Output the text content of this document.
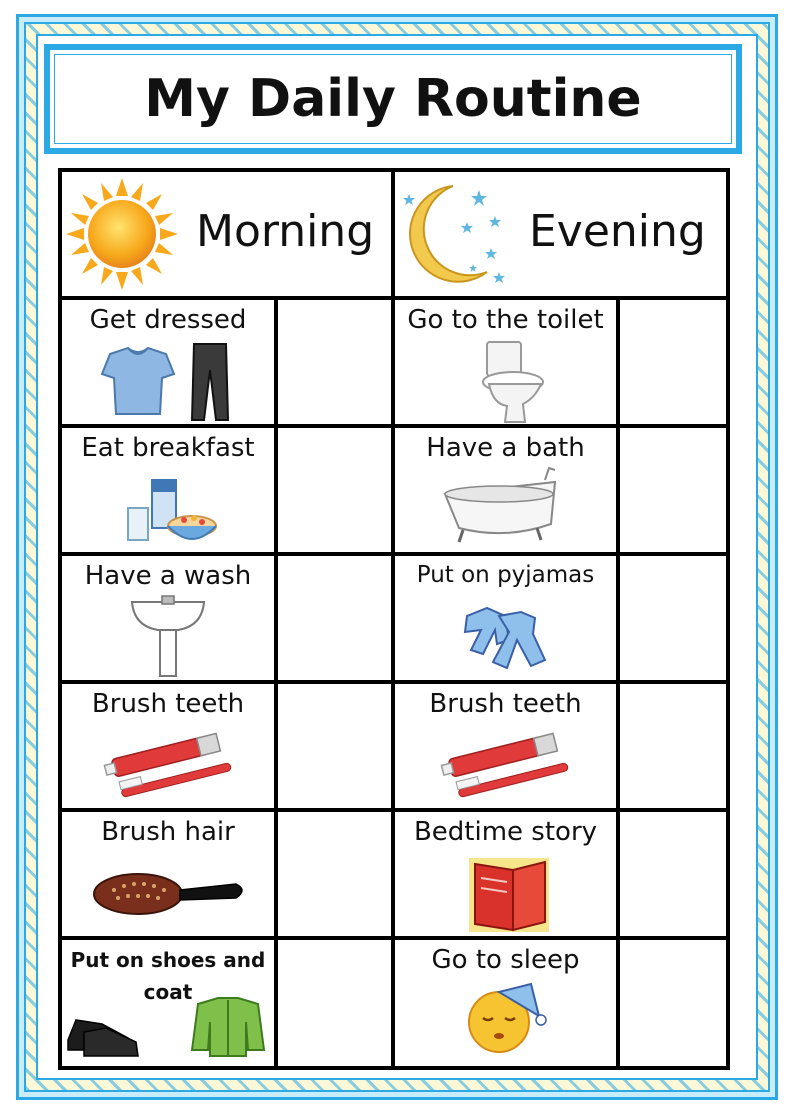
My Daily Routine
Morning	Evening
Get dressed
Eat breakfast
Have a wash
Brush teeth
Brush hair
Put on shoes and coat
Go to the toilet
Have a bath
Put on pyjamas
Brush teeth
Bedtime story
Go to sleep
